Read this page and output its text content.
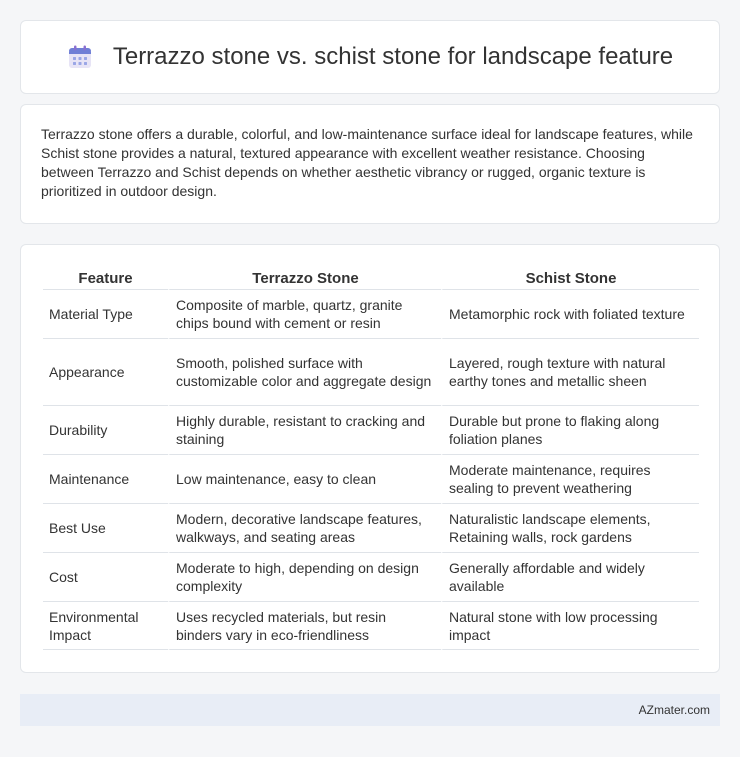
Terrazzo stone vs. schist stone for landscape feature

Terrazzo stone offers a durable, colorful, and low-maintenance surface ideal for landscape features, while Schist stone provides a natural, textured appearance with excellent weather resistance. Choosing between Terrazzo and Schist depends on whether aesthetic vibrancy or rugged, organic texture is prioritized in outdoor design.

Feature	Terrazzo Stone	Schist Stone
Material Type	Composite of marble, quartz, granite chips bound with cement or resin	Metamorphic rock with foliated texture
Appearance	Smooth, polished surface with customizable color and aggregate design	Layered, rough texture with natural earthy tones and metallic sheen
Durability	Highly durable, resistant to cracking and staining	Durable but prone to flaking along foliation planes
Maintenance	Low maintenance, easy to clean	Moderate maintenance, requires sealing to prevent weathering
Best Use	Modern, decorative landscape features, walkways, and seating areas	Naturalistic landscape elements, Retaining walls, rock gardens
Cost	Moderate to high, depending on design complexity	Generally affordable and widely available
Environmental Impact	Uses recycled materials, but resin binders vary in eco-friendliness	Natural stone with low processing impact
AZmater.com
